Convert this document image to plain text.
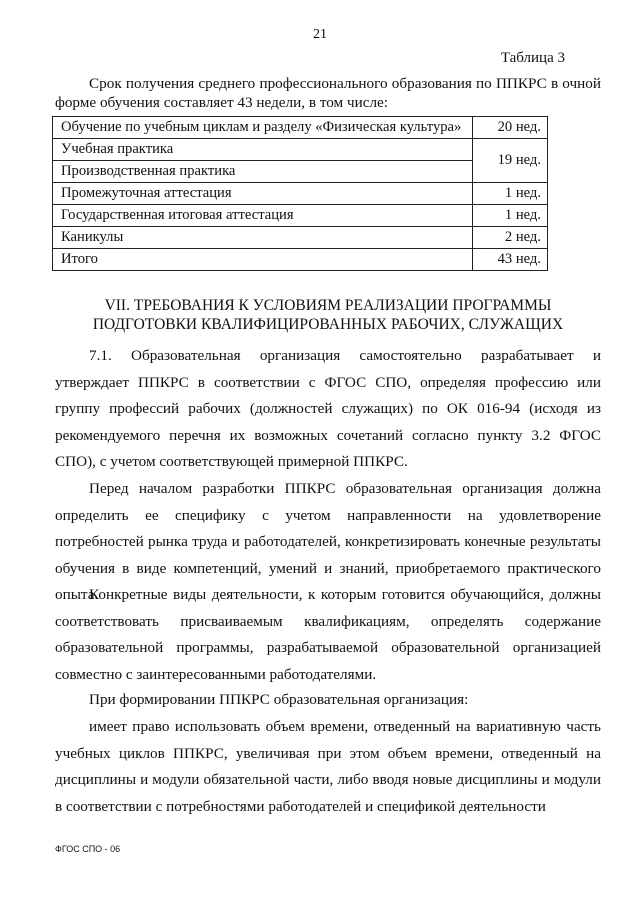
21
Таблица 3
Срок получения среднего профессионального образования по ППКРС в очной форме обучения составляет 43 недели, в том числе:
Обучение по учебным циклам и разделу «Физическая культура»	20 нед.
Учебная практика	19 нед.
Производственная практика	
Промежуточная аттестация	1 нед.
Государственная итоговая аттестация	1 нед.
Каникулы	2 нед.
Итого	43 нед.
VII. ТРЕБОВАНИЯ К УСЛОВИЯМ РЕАЛИЗАЦИИ ПРОГРАММЫ
ПОДГОТОВКИ КВАЛИФИЦИРОВАННЫХ РАБОЧИХ, СЛУЖАЩИХ
7.1. Образовательная организация самостоятельно разрабатывает и утверждает ППКРС в соответствии с ФГОС СПО, определяя профессию или группу профессий рабочих (должностей служащих) по ОК 016-94 (исходя из рекомендуемого перечня их возможных сочетаний согласно пункту 3.2 ФГОС СПО), с учетом соответствующей примерной ППКРС.
Перед началом разработки ППКРС образовательная организация должна определить ее специфику с учетом направленности на удовлетворение потребностей рынка труда и работодателей, конкретизировать конечные результаты обучения в виде компетенций, умений и знаний, приобретаемого практического опыта.
Конкретные виды деятельности, к которым готовится обучающийся, должны соответствовать присваиваемым квалификациям, определять содержание образовательной программы, разрабатываемой образовательной организацией совместно с заинтересованными работодателями.
При формировании ППКРС образовательная организация:
имеет право использовать объем времени, отведенный на вариативную часть учебных циклов ППКРС, увеличивая при этом объем времени, отведенный на дисциплины и модули обязательной части, либо вводя новые дисциплины и модули в соответствии с потребностями работодателей и спецификой деятельности
ФГОС СПО - 06
